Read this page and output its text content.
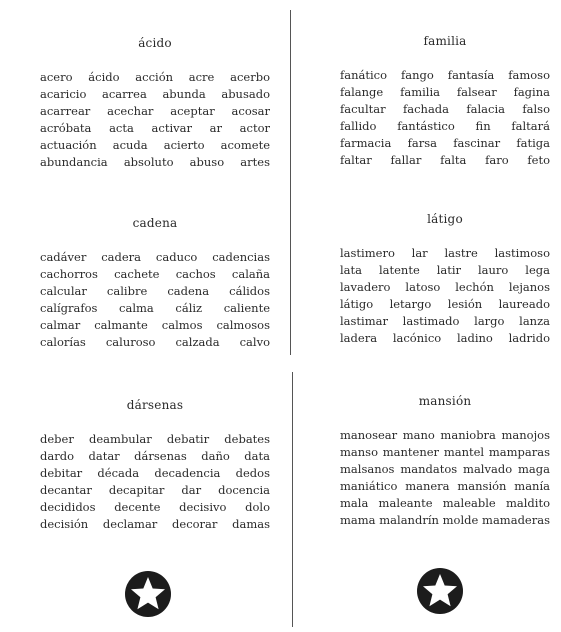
ácido
acero ácido acción acre acerbo
acaricio acarrea abunda abusado
acarrear acechar aceptar acosar
acróbata acta activar ar actor
actuación acuda acierto acomete
abundancia absoluto abuso artes
cadena
cadáver cadera caduco cadencias
cachorros cachete cachos calaña
calcular calibre cadena cálidos
calígrafos calma cáliz caliente
calmar calmante calmos calmosos
calorías caluroso calzada calvo
dársenas
deber deambular debatir debates
dardo datar dársenas daño data
debitar década decadencia dedos
decantar decapitar dar docencia
decididos decente decisivo dolo
decisión declamar decorar damas
familia
fanático fango fantasía famoso
falange familia falsear fagina
facultar fachada falacia falso
fallido fantástico fin faltará
farmacia farsa fascinar fatiga
faltar fallar falta faro feto
látigo
lastimero lar lastre lastimoso
lata latente latir lauro lega
lavadero latoso lechón lejanos
látigo letargo lesión laureado
lastimar lastimado largo lanza
ladera lacónico ladino ladrido
mansión
manosear mano maniobra manojos
manso mantener mantel mamparas
malsanos mandatos malvado maga
maniático manera mansión manía
mala maleante maleable maldito
mama malandrín molde mamaderas
